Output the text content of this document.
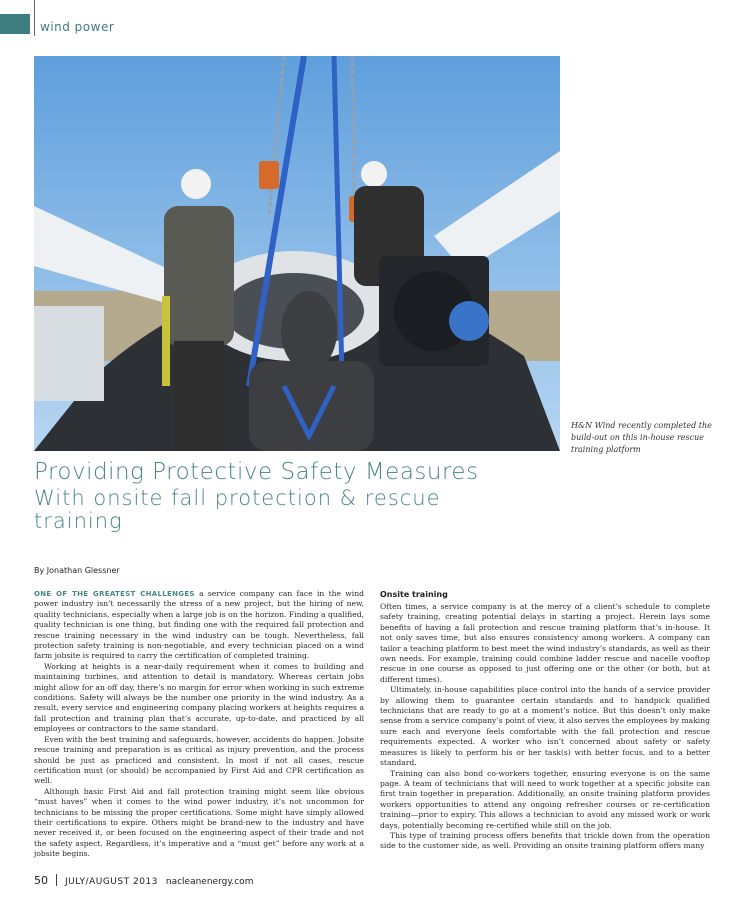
wind power
H&N Wind recently completed the build-out on this in-house rescue training platform
Providing Protective Safety Measures
With onsite fall protection & rescue training
By Jonathan Glessner

ONE OF THE GREATEST CHALLENGES a service company can face in the wind power industry isn’t necessarily the stress of a new project, but the hiring of new, quality technicians, especially when a large job is on the horizon. Finding a qualified, quality technician is one thing, but finding one with the required fall protection and rescue training necessary in the wind industry can be tough. Nevertheless, fall protection safety training is non-negotiable, and every technician placed on a wind farm jobsite is required to carry the certification of completed training.

Working at heights is a near-daily requirement when it comes to building and maintaining turbines, and attention to detail is mandatory. Whereas certain jobs might allow for an off day, there’s no margin for error when working in such extreme conditions. Safety will always be the number one priority in the wind industry. As a result, every service and engineering company placing workers at heights requires a fall protection and training plan that’s accurate, up-to-date, and practiced by all employees or contractors to the same standard.

Even with the best training and safeguards, however, accidents do happen. Jobsite rescue training and preparation is as critical as injury prevention, and the process should be just as practiced and consistent. In most if not all cases, rescue certification must (or should) be accompanied by First Aid and CPR certification as well.

Although basic First Aid and fall protection training might seem like obvious “must haves” when it comes to the wind power industry, it’s not uncommon for technicians to be missing the proper certifications. Some might have simply allowed their certifications to expire. Others might be brand-new to the industry and have never received it, or been focused on the engineering aspect of their trade and not the safety aspect. Regardless, it’s imperative and a “must get” before any work at a jobsite begins.

Onsite training

Often times, a service company is at the mercy of a client’s schedule to complete safety training, creating potential delays in starting a project. Herein lays some benefits of having a fall protection and rescue training platform that’s in-house. It not only saves time, but also ensures consistency among workers. A company can tailor a teaching platform to best meet the wind industry’s standards, as well as their own needs. For example, training could combine ladder rescue and nacelle vooftop rescue in one course as opposed to just offering one or the other (or both, but at different times).

Ultimately, in-house capabilities place control into the hands of a service provider by allowing them to guarantee certain standards and to handpick qualified technicians that are ready to go at a moment’s notice. But this doesn’t only make sense from a service company’s point of view, it also serves the employees by making sure each and everyone feels comfortable with the fall protection and rescue requirements expected. A worker who isn’t concerned about safety or safety measures is likely to perform his or her task(s) with better focus, and to a better standard.

Training can also bond co-workers together, ensuring everyone is on the same page. A team of technicians that will need to work together at a specific jobsite can first train together in preparation. Additionally, an onsite training platform provides workers opportunities to attend any ongoing refresher courses or re-certification training—prior to expiry. This allows a technician to avoid any missed work or work days, potentially becoming re-certified while still on the job.

This type of training process offers benefits that trickle down from the operation side to the customer side, as well. Providing an onsite training platform offers many

50 JULY/AUGUST 2013 nacleanenergy.com
